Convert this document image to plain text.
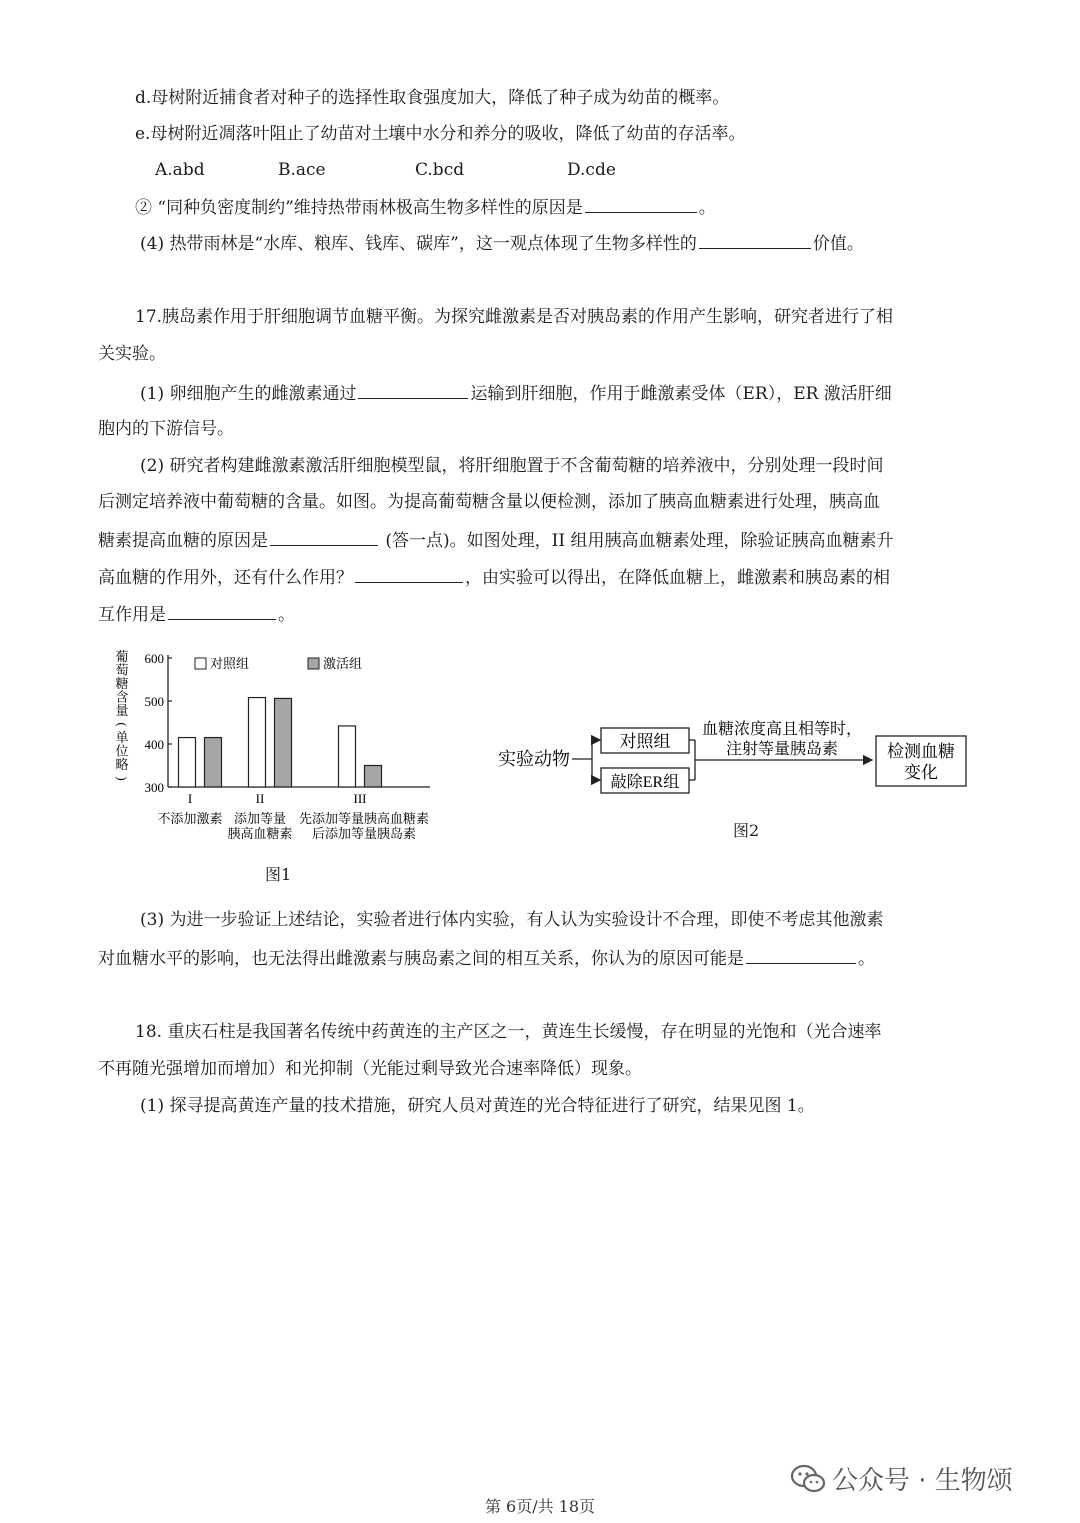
d.母树附近捕食者对种子的选择性取食强度加大，降低了种子成为幼苗的概率。
e.母树附近凋落叶阻止了幼苗对土壤中水分和养分的吸收，降低了幼苗的存活率。
A.abd	B.ace	C.bcd	D.cde
② “同种负密度制约”维持热带雨林极高生物多样性的原因是	。
(4) 热带雨林是“水库、粮库、钱库、碳库”，这一观点体现了生物多样性的	价值。
17.胰岛素作用于肝细胞调节血糖平衡。为探究雌激素是否对胰岛素的作用产生影响，研究者进行了相
关实验。
(1) 卵细胞产生的雌激素通过	运输到肝细胞，作用于雌激素受体（ER），ER 激活肝细
胞内的下游信号。
(2) 研究者构建雌激素激活肝细胞模型鼠，将肝细胞置于不含葡萄糖的培养液中，分别处理一段时间
后测定培养液中葡萄糖的含量。如图。为提高葡萄糖含量以便检测，添加了胰高血糖素进行处理，胰高血
糖素提高血糖的原因是	(答一点)。如图处理，II 组用胰高血糖素处理，除验证胰高血糖素升
高血糖的作用外，还有什么作用？	，由实验可以得出，在降低血糖上，雌激素和胰岛素的相
互作用是	。
300
400
500
600
葡
萄
糖
含
量
(
单
位
略
)
对照组	激活组
I
不添加激素
II
添加等量
胰高血糖素
III
先添加等量胰高血糖素
后添加等量胰岛素
图1
实验动物
对照组
敲除ER组
血糖浓度高且相等时，
注射等量胰岛素	检测血糖
变化
图2
(3) 为进一步验证上述结论，实验者进行体内实验，有人认为实验设计不合理，即使不考虑其他激素
对血糖水平的影响，也无法得出雌激素与胰岛素之间的相互关系，你认为的原因可能是	。
18. 重庆石柱是我国著名传统中药黄连的主产区之一，黄连生长缓慢，存在明显的光饱和（光合速率
不再随光强增加而增加）和光抑制（光能过剩导致光合速率降低）现象。
(1) 探寻提高黄连产量的技术措施，研究人员对黄连的光合特征进行了研究，结果见图 1。
公众号 · 生物颂
第 6页/共 18页
